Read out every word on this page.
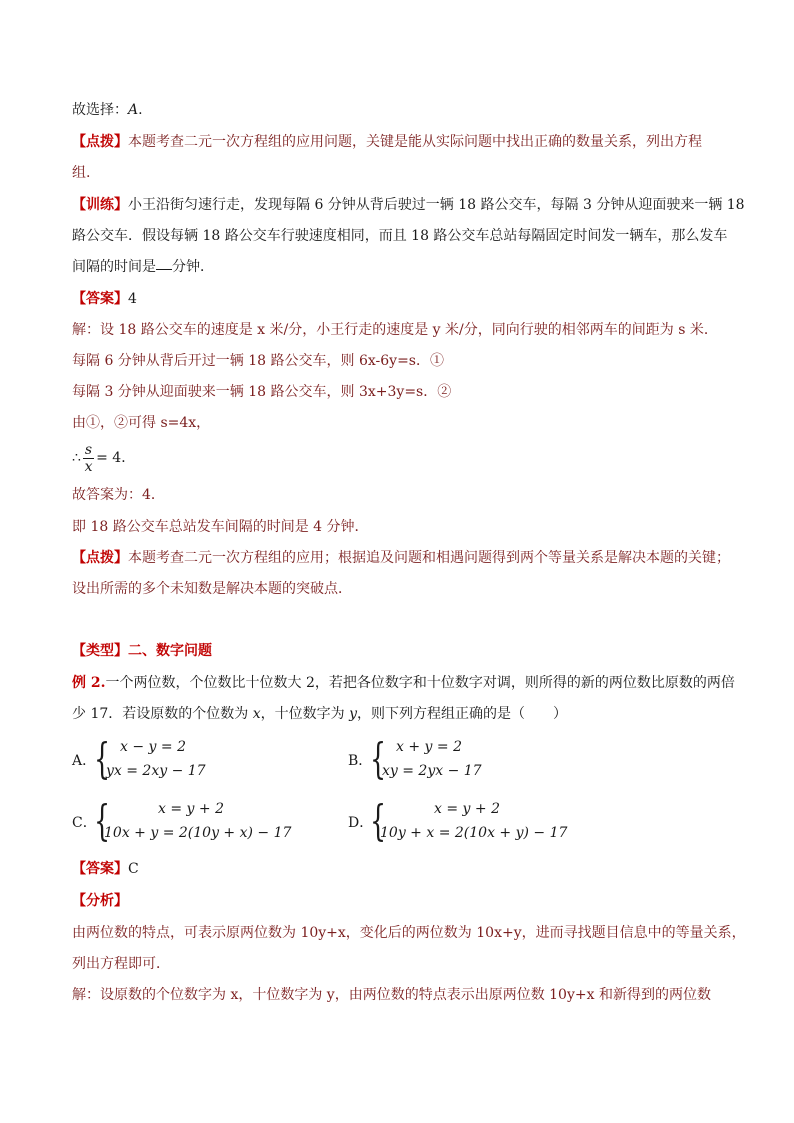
故选择：A.
【点拨】本题考查二元一次方程组的应用问题，关键是能从实际问题中找出正确的数量关系，列出方程
组.
【训练】小王沿街匀速行走，发现每隔 6 分钟从背后驶过一辆 18 路公交车，每隔 3 分钟从迎面驶来一辆 18
路公交车．假设每辆 18 路公交车行驶速度相同，而且 18 路公交车总站每隔固定时间发一辆车，那么发车
间隔的时间是 分钟．
【答案】4
解：设 18 路公交车的速度是 x 米/分，小王行走的速度是 y 米/分，同向行驶的相邻两车的间距为 s 米．
每隔 6 分钟从背后开过一辆 18 路公交车，则 6x-6y=s．①
每隔 3 分钟从迎面驶来一辆 18 路公交车，则 3x+3y=s．②
由①，②可得 s=4x，
∴ $\frac{s}{x} = 4$ ．
故答案为：4．
即 18 路公交车总站发车间隔的时间是 4 分钟．
【点拨】本题考查二元一次方程组的应用；根据追及问题和相遇问题得到两个等量关系是解决本题的关键；
设出所需的多个未知数是解决本题的突破点．
【类型】二、数字问题
例 2.一个两位数，个位数比十位数大 2，若把各位数字和十位数字对调，则所得的新的两位数比原数的两倍
少 17．若设原数的个位数为 x，十位数字为 y，则下列方程组正确的是（　　）
A．
{ x − y = 2
yx = 2xy − 17
B．
{ x + y = 2
xy = 2yx − 17
C．
{	x = y + 2
10x + y = 2(10y + x) − 17
D．
{	x = y + 2
10y + x = 2(10x + y) − 17
【答案】C
【分析】
由两位数的特点，可表示原两位数为 10y+x，变化后的两位数为 10x+y，进而寻找题目信息中的等量关系，
列出方程即可．
解：设原数的个位数字为 x，十位数字为 y，由两位数的特点表示出原两位数 10y+x 和新得到的两位数
